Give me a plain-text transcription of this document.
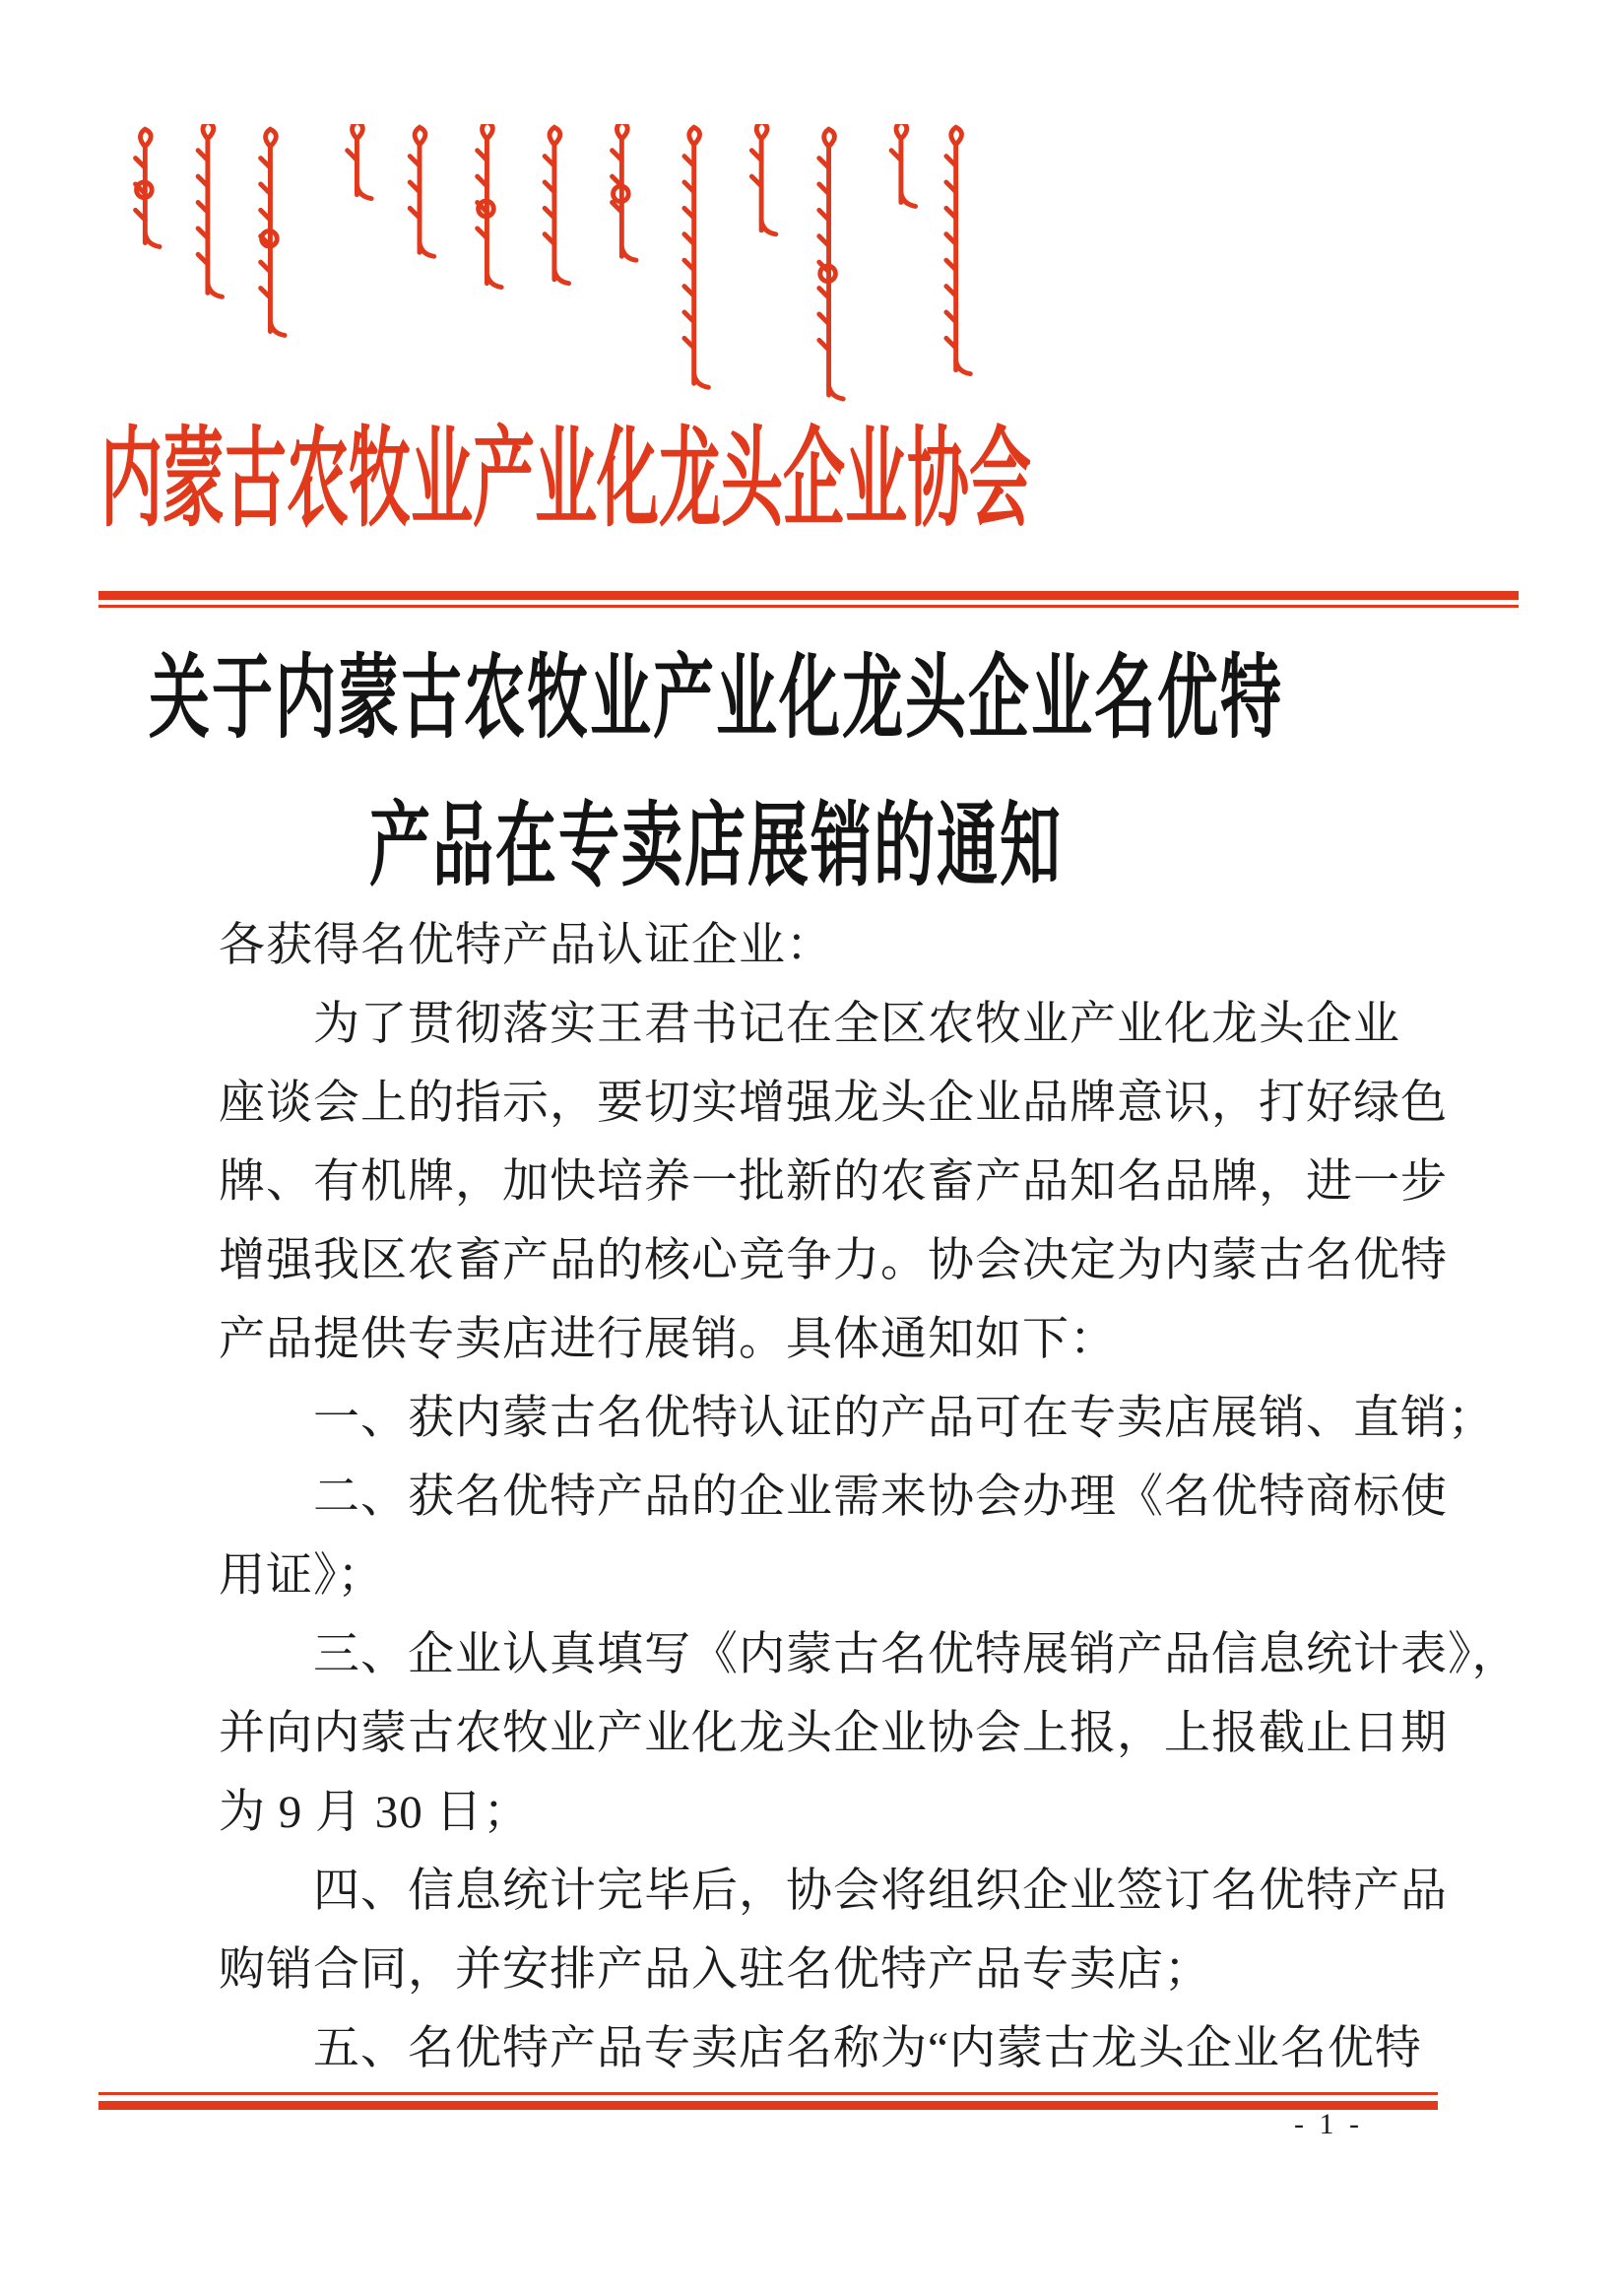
内蒙古农牧业产业化龙头企业协会
关于内蒙古农牧业产业化龙头企业名优特
产品在专卖店展销的通知
各获得名优特产品认证企业：
为了贯彻落实王君书记在全区农牧业产业化龙头企业
座谈会上的指示，要切实增强龙头企业品牌意识，打好绿色
牌、有机牌，加快培养一批新的农畜产品知名品牌，进一步
增强我区农畜产品的核心竞争力。协会决定为内蒙古名优特
产品提供专卖店进行展销。具体通知如下：
一、获内蒙古名优特认证的产品可在专卖店展销、直销；
二、获名优特产品的企业需来协会办理《名优特商标使
用证》；
三、企业认真填写《内蒙古名优特展销产品信息统计表》，
并向内蒙古农牧业产业化龙头企业协会上报，上报截止日期
为 9 月 30 日；
四、信息统计完毕后，协会将组织企业签订名优特产品
购销合同，并安排产品入驻名优特产品专卖店；
五、名优特产品专卖店名称为“内蒙古龙头企业名优特
- 1 -
